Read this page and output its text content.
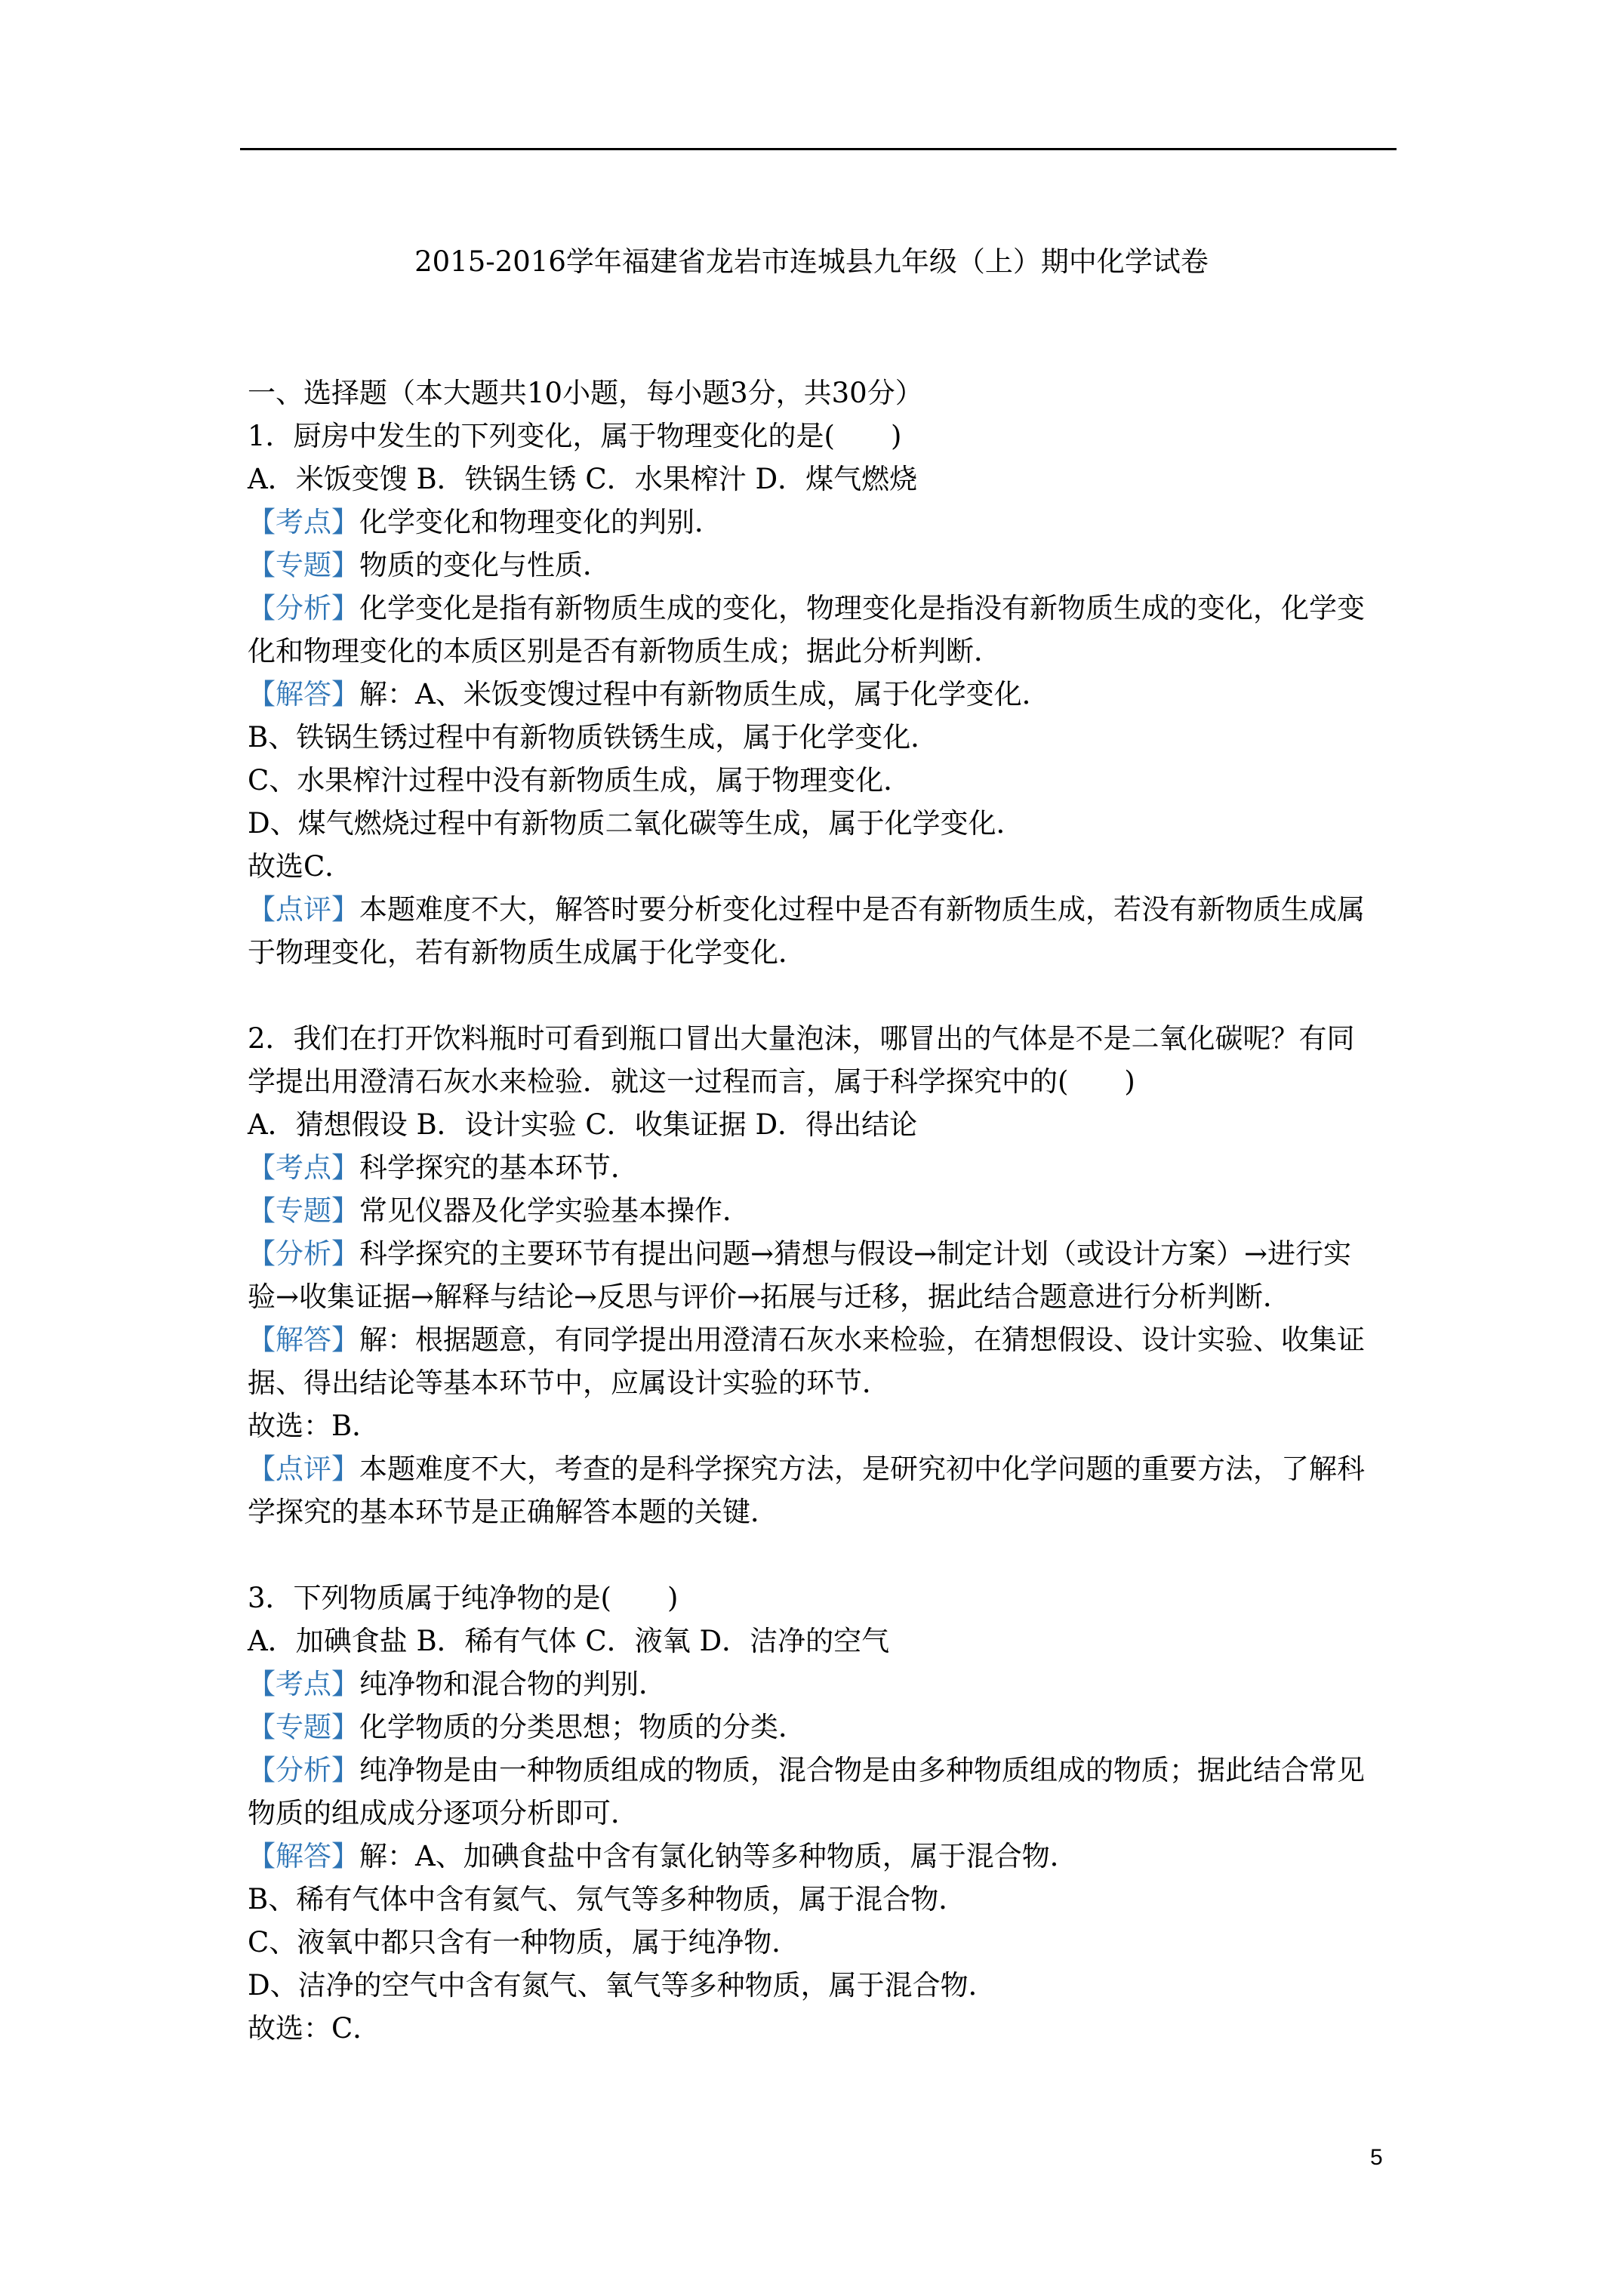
2015-2016学年福建省龙岩市连城县九年级（上）期中化学试卷
一、选择题（本大题共10小题，每小题3分，共30分）
1．厨房中发生的下列变化，属于物理变化的是(　　)
A．米饭变馊 B．铁锅生锈 C．水果榨汁 D．煤气燃烧
【考点】化学变化和物理变化的判别．
【专题】物质的变化与性质．
【分析】化学变化是指有新物质生成的变化，物理变化是指没有新物质生成的变化，化学变
化和物理变化的本质区别是否有新物质生成；据此分析判断．
【解答】解：A、米饭变馊过程中有新物质生成，属于化学变化．
B、铁锅生锈过程中有新物质铁锈生成，属于化学变化．
C、水果榨汁过程中没有新物质生成，属于物理变化．
D、煤气燃烧过程中有新物质二氧化碳等生成，属于化学变化．
故选C．
【点评】本题难度不大，解答时要分析变化过程中是否有新物质生成，若没有新物质生成属
于物理变化，若有新物质生成属于化学变化．
2．我们在打开饮料瓶时可看到瓶口冒出大量泡沫，哪冒出的气体是不是二氧化碳呢？有同
学提出用澄清石灰水来检验．就这一过程而言，属于科学探究中的(　　)
A．猜想假设 B．设计实验 C．收集证据 D．得出结论
【考点】科学探究的基本环节．
【专题】常见仪器及化学实验基本操作．
【分析】科学探究的主要环节有提出问题→猜想与假设→制定计划（或设计方案）→进行实
验→收集证据→解释与结论→反思与评价→拓展与迁移，据此结合题意进行分析判断．
【解答】解：根据题意，有同学提出用澄清石灰水来检验，在猜想假设、设计实验、收集证
据、得出结论等基本环节中，应属设计实验的环节．
故选：B．
【点评】本题难度不大，考查的是科学探究方法，是研究初中化学问题的重要方法，了解科
学探究的基本环节是正确解答本题的关键．
3．下列物质属于纯净物的是(　　)
A．加碘食盐 B．稀有气体 C．液氧 D．洁净的空气
【考点】纯净物和混合物的判别．
【专题】化学物质的分类思想；物质的分类．
【分析】纯净物是由一种物质组成的物质，混合物是由多种物质组成的物质；据此结合常见
物质的组成成分逐项分析即可．
【解答】解：A、加碘食盐中含有氯化钠等多种物质，属于混合物．
B、稀有气体中含有氦气、氖气等多种物质，属于混合物．
C、液氧中都只含有一种物质，属于纯净物．
D、洁净的空气中含有氮气、氧气等多种物质，属于混合物．
故选：C．
5
